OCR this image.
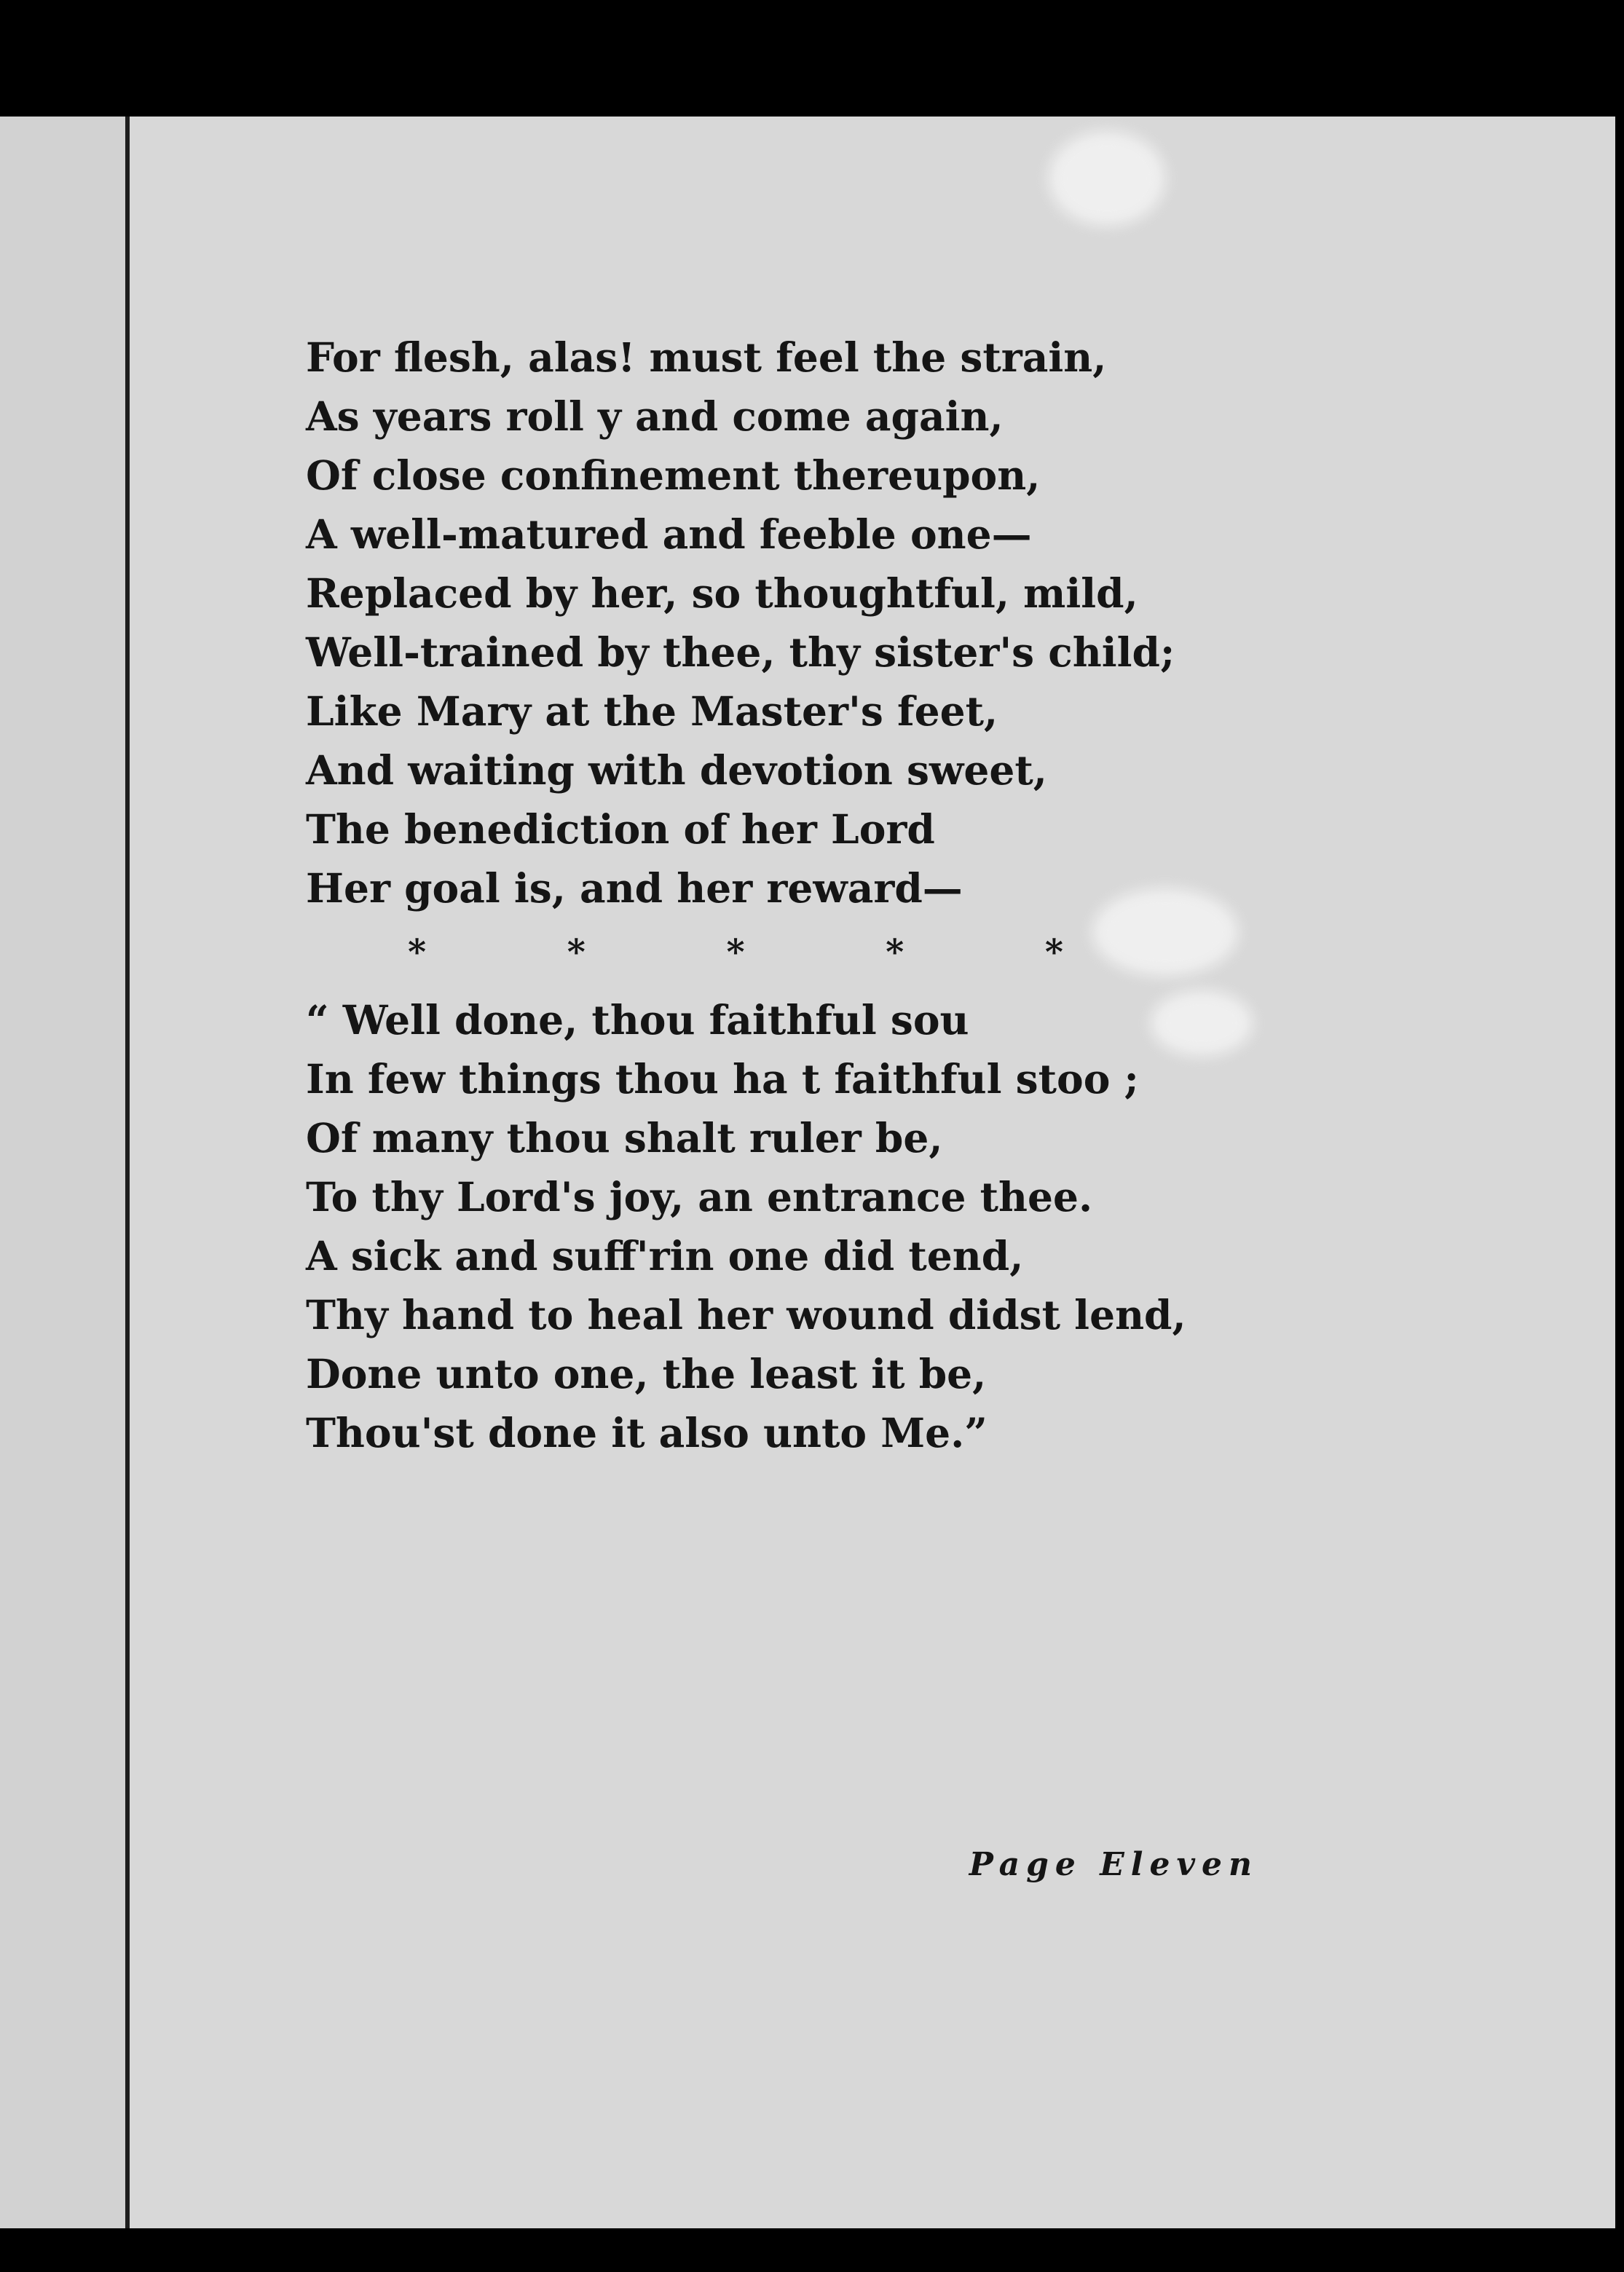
For flesh, alas! must feel the strain,
As years roll y and come again,
Of close confinement thereupon,
A well-matured and feeble one—
Replaced by her, so thoughtful, mild,
Well-trained by thee, thy sister's child;
Like Mary at the Master's feet,
And waiting with devotion sweet,
The benediction of her Lord
Her goal is, and her reward—
*	*	*	*	*
“ Well done, thou faithful sou
In few things thou ha t faithful stoo ;
Of many thou shalt ruler be,
To thy Lord's joy, an entrance thee.
A sick and suff'rin one did tend,
Thy hand to heal her wound didst lend,
Done unto one, the least it be,
Thou'st done it also unto Me.”
Page Eleven
